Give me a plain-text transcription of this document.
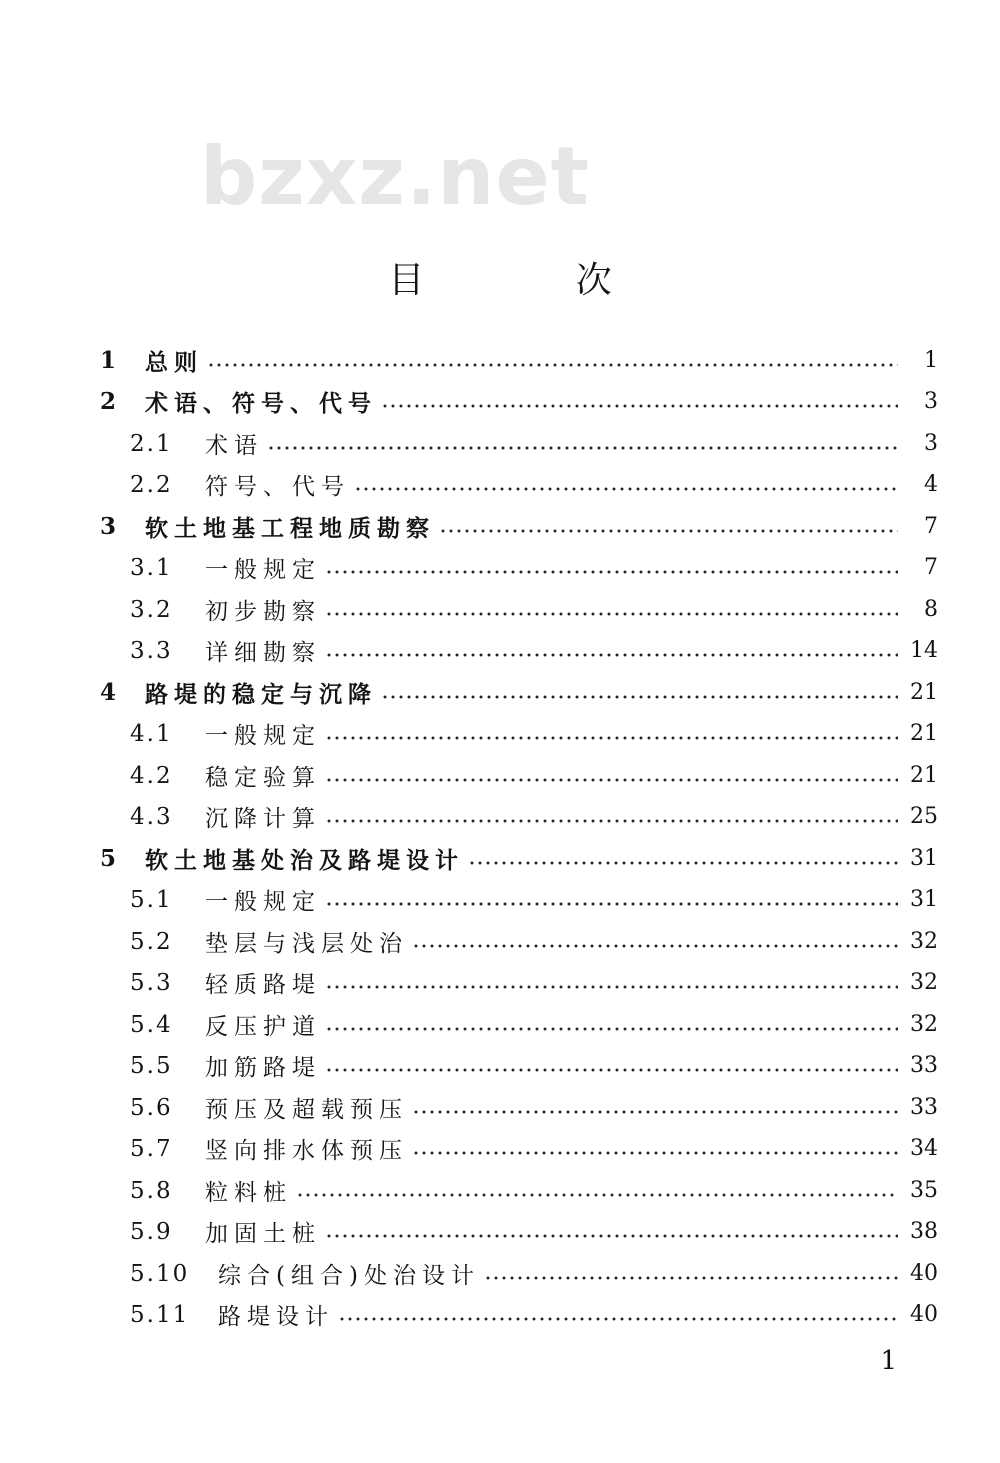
bzxz.net
目 次
1	总则	1
2	术语、符号、代号	3
2.1	术语	3
2.2	符号、代号	4
3	软土地基工程地质勘察	7
3.1	一般规定	7
3.2	初步勘察	8
3.3	详细勘察	14
4	路堤的稳定与沉降	21
4.1	一般规定	21
4.2	稳定验算	21
4.3	沉降计算	25
5	软土地基处治及路堤设计	31
5.1	一般规定	31
5.2	垫层与浅层处治	32
5.3	轻质路堤	32
5.4	反压护道	32
5.5	加筋路堤	33
5.6	预压及超载预压	33
5.7	竖向排水体预压	34
5.8	粒料桩	35
5.9	加固土桩	38
5.10	综合(组合)处治设计	40
5.11	路堤设计	40
1
